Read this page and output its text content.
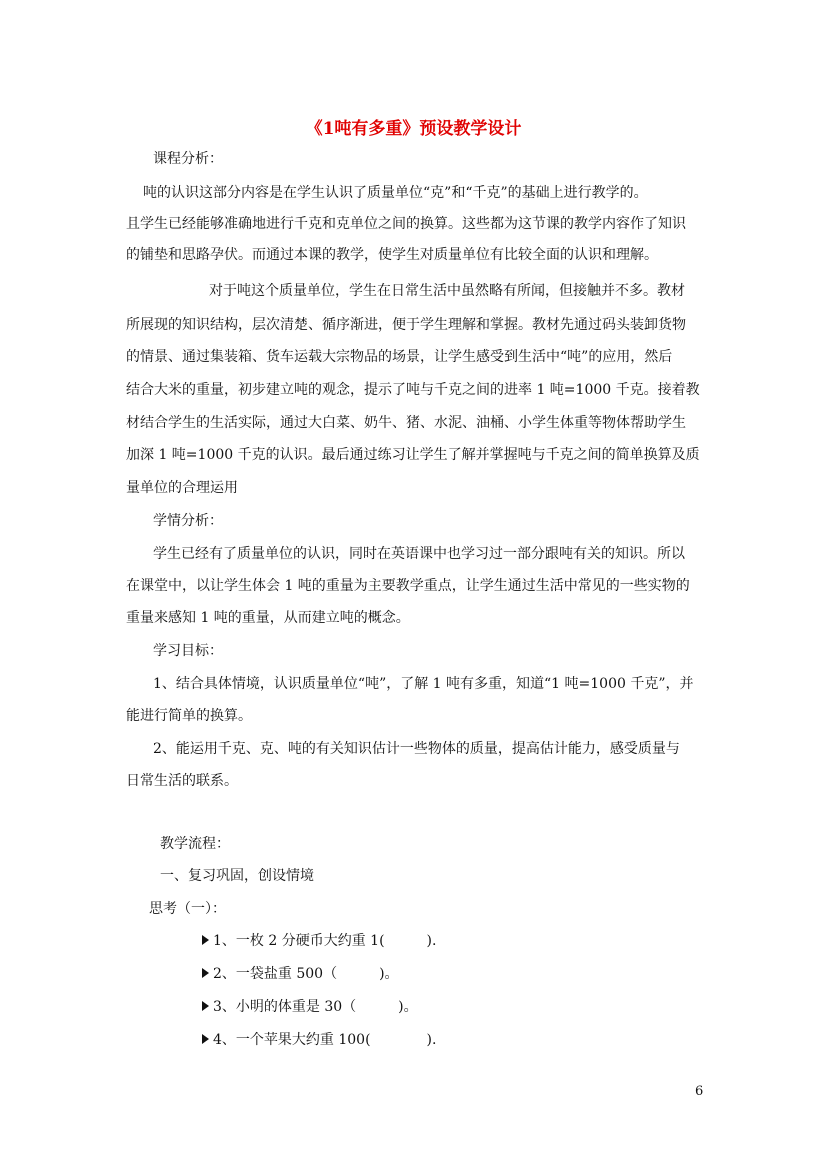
《1吨有多重》预设教学设计
课程分析：
吨的认识这部分内容是在学生认识了质量单位“克”和“千克”的基础上进行教学的。
且学生已经能够准确地进行千克和克单位之间的换算。这些都为这节课的教学内容作了知识
的铺垫和思路孕伏。而通过本课的教学，使学生对质量单位有比较全面的认识和理解。
对于吨这个质量单位，学生在日常生活中虽然略有所闻，但接触并不多。教材
所展现的知识结构，层次清楚、循序渐进，便于学生理解和掌握。教材先通过码头装卸货物
的情景、通过集装箱、货车运载大宗物品的场景，让学生感受到生活中“吨”的应用，然后
结合大米的重量，初步建立吨的观念，提示了吨与千克之间的进率 1 吨=1000 千克。接着教
材结合学生的生活实际，通过大白菜、奶牛、猪、水泥、油桶、小学生体重等物体帮助学生
加深 1 吨=1000 千克的认识。最后通过练习让学生了解并掌握吨与千克之间的简单换算及质
量单位的合理运用
学情分析：
学生已经有了质量单位的认识，同时在英语课中也学习过一部分跟吨有关的知识。所以
在课堂中，以让学生体会 1 吨的重量为主要教学重点，让学生通过生活中常见的一些实物的
重量来感知 1 吨的重量，从而建立吨的概念。
学习目标：
1、结合具体情境，认识质量单位“吨”，了解 1 吨有多重，知道“1 吨=1000 千克”，并
能进行简单的换算。
2、能运用千克、克、吨的有关知识估计一些物体的质量，提高估计能力，感受质量与
日常生活的联系。
教学流程：
一、复习巩固，创设情境
思考（一）：
1、一枚 2 分硬币大约重 1(　　　).
2、一袋盐重 500（　　　)。
3、小明的体重是 30（　　　)。
4、一个苹果大约重 100(　　　　).
6
